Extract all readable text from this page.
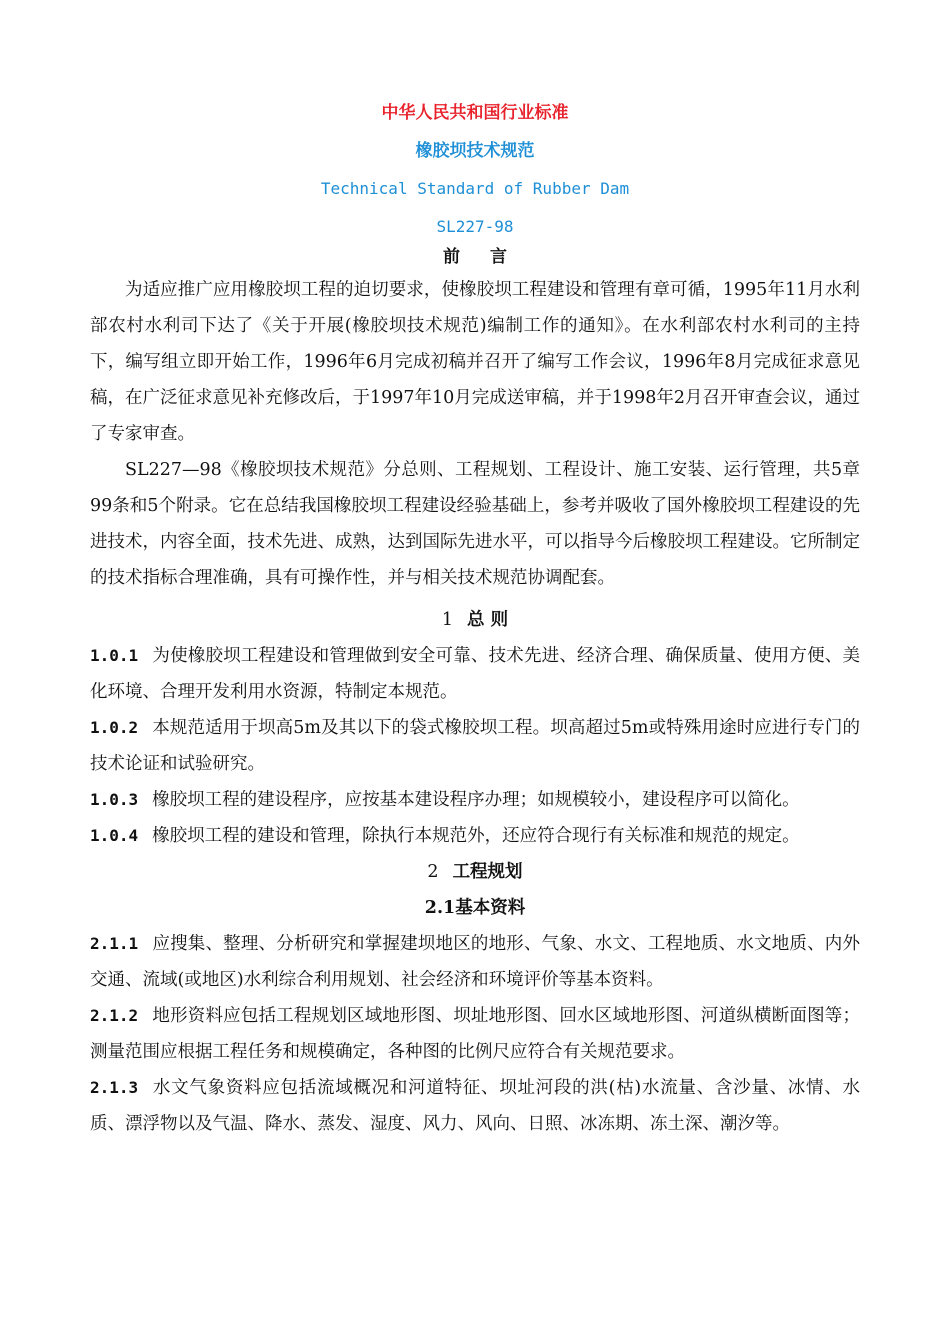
中华人民共和国行业标准
橡胶坝技术规范
Technical Standard of Rubber Dam
SL227-98
前 言

为适应推广应用橡胶坝工程的迫切要求，使橡胶坝工程建设和管理有章可循，1995年11月水利部农村水利司下达了《关于开展(橡胶坝技术规范)编制工作的通知》。在水利部农村水利司的主持下，编写组立即开始工作，1996年6月完成初稿并召开了编写工作会议，1996年8月完成征求意见稿，在广泛征求意见补充修改后，于1997年10月完成送审稿，并于1998年2月召开审查会议，通过了专家审查。

SL227—98《橡胶坝技术规范》分总则、工程规划、工程设计、施工安装、运行管理，共5章99条和5个附录。它在总结我国橡胶坝工程建设经验基础上，参考并吸收了国外橡胶坝工程建设的先进技术，内容全面，技术先进、成熟，达到国际先进水平，可以指导今后橡胶坝工程建设。它所制定的技术指标合理准确，具有可操作性，并与相关技术规范协调配套。

1 总 则

1.0.1 为使橡胶坝工程建设和管理做到安全可靠、技术先进、经济合理、确保质量、使用方便、美化环境、合理开发利用水资源，特制定本规范。

1.0.2 本规范适用于坝高5m及其以下的袋式橡胶坝工程。坝高超过5m或特殊用途时应进行专门的技术论证和试验研究。

1.0.3 橡胶坝工程的建设程序，应按基本建设程序办理；如规模较小，建设程序可以简化。

1.0.4 橡胶坝工程的建设和管理，除执行本规范外，还应符合现行有关标准和规范的规定。

2 工程规划
2.1基本资料

2.1.1 应搜集、整理、分析研究和掌握建坝地区的地形、气象、水文、工程地质、水文地质、内外交通、流域(或地区)水利综合利用规划、社会经济和环境评价等基本资料。

2.1.2 地形资料应包括工程规划区域地形图、坝址地形图、回水区域地形图、河道纵横断面图等；测量范围应根据工程任务和规模确定，各种图的比例尺应符合有关规范要求。

2.1.3 水文气象资料应包括流域概况和河道特征、坝址河段的洪(枯)水流量、含沙量、冰情、水质、漂浮物以及气温、降水、蒸发、湿度、风力、风向、日照、冰冻期、冻土深、潮汐等。
